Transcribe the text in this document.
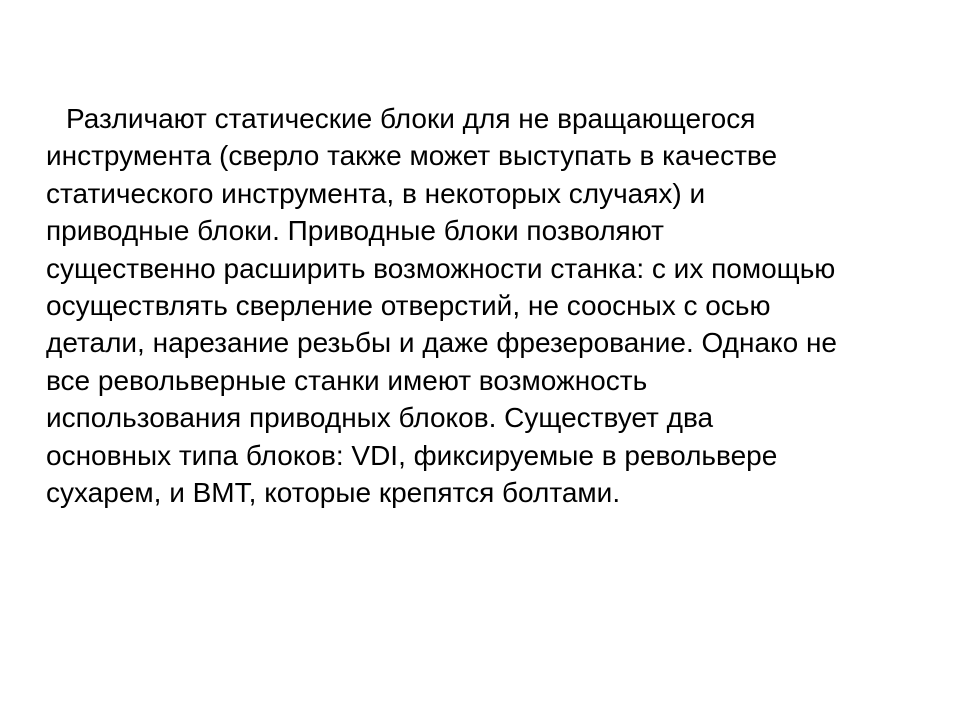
Различают статические блоки для не вращающегося
инструмента (сверло также может выступать в качестве
статического инструмента, в некоторых случаях) и
приводные блоки. Приводные блоки позволяют
существенно расширить возможности станка: с их помощью
осуществлять сверление отверстий, не соосных с осью
детали, нарезание резьбы и даже фрезерование. Однако не
все револьверные станки имеют возможность
использования приводных блоков. Существует два
основных типа блоков: VDI, фиксируемые в револьвере
сухарем, и ВМТ, которые крепятся болтами.
